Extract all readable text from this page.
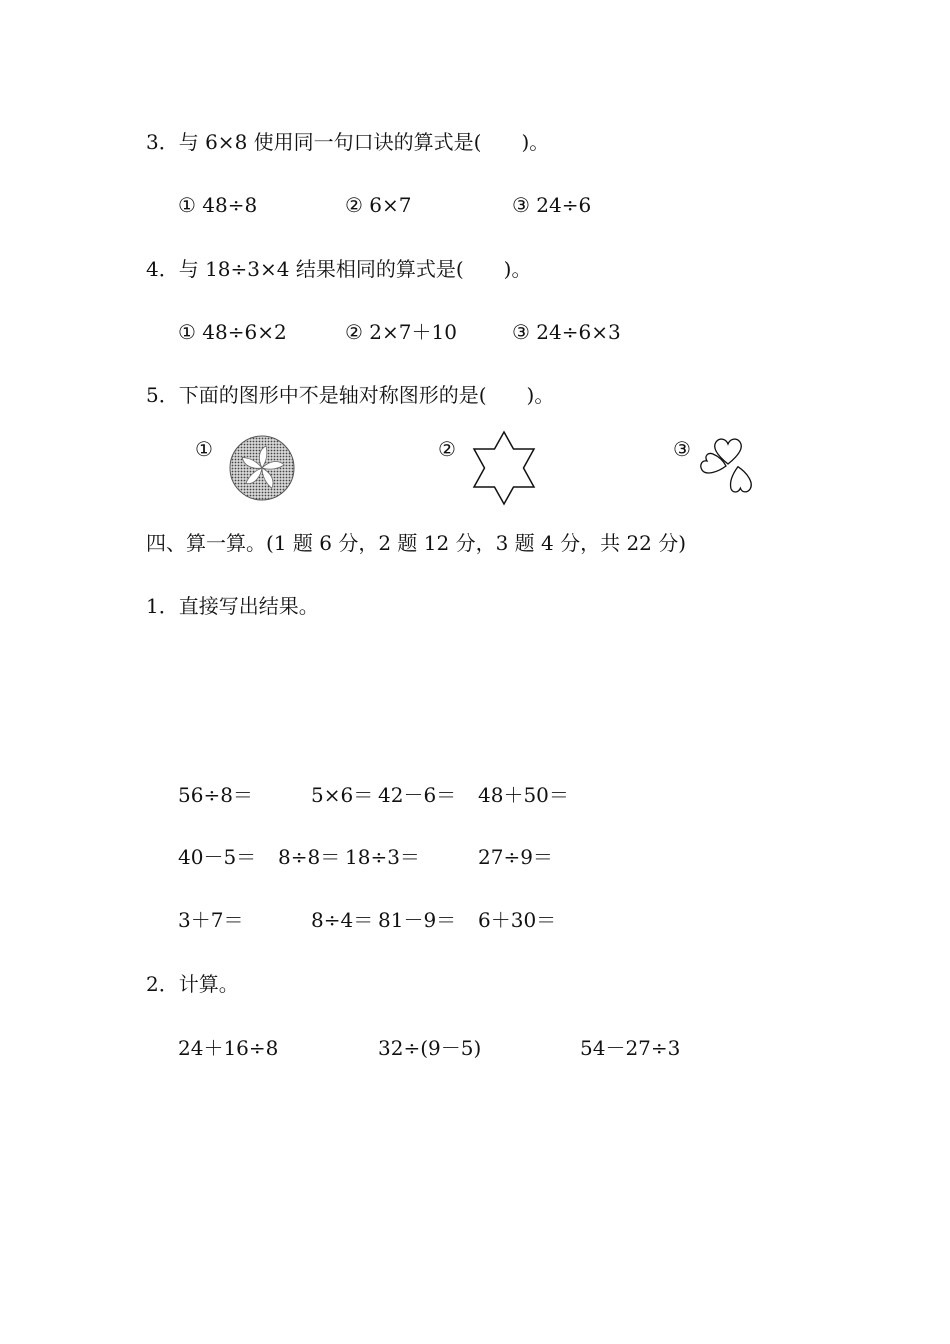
3．与 6×8 使用同一句口诀的算式是(　　)。
① 48÷8	② 6×7	③ 24÷6
4．与 18÷3×4 结果相同的算式是(　　)。
① 48÷6×2	② 2×7＋10	③ 24÷6×3
5．下面的图形中不是轴对称图形的是(　　)。
①	②	③
四、算一算。(1 题 6 分，2 题 12 分，3 题 4 分，共 22 分)
1．直接写出结果。
56÷8＝	5×6＝ 42－6＝ 48＋50＝
40－5＝ 8÷8＝ 18÷3＝	27÷9＝
3＋7＝	8÷4＝ 81－9＝ 6＋30＝
2．计算。
24＋16÷8	32÷(9－5)	54－27÷3
